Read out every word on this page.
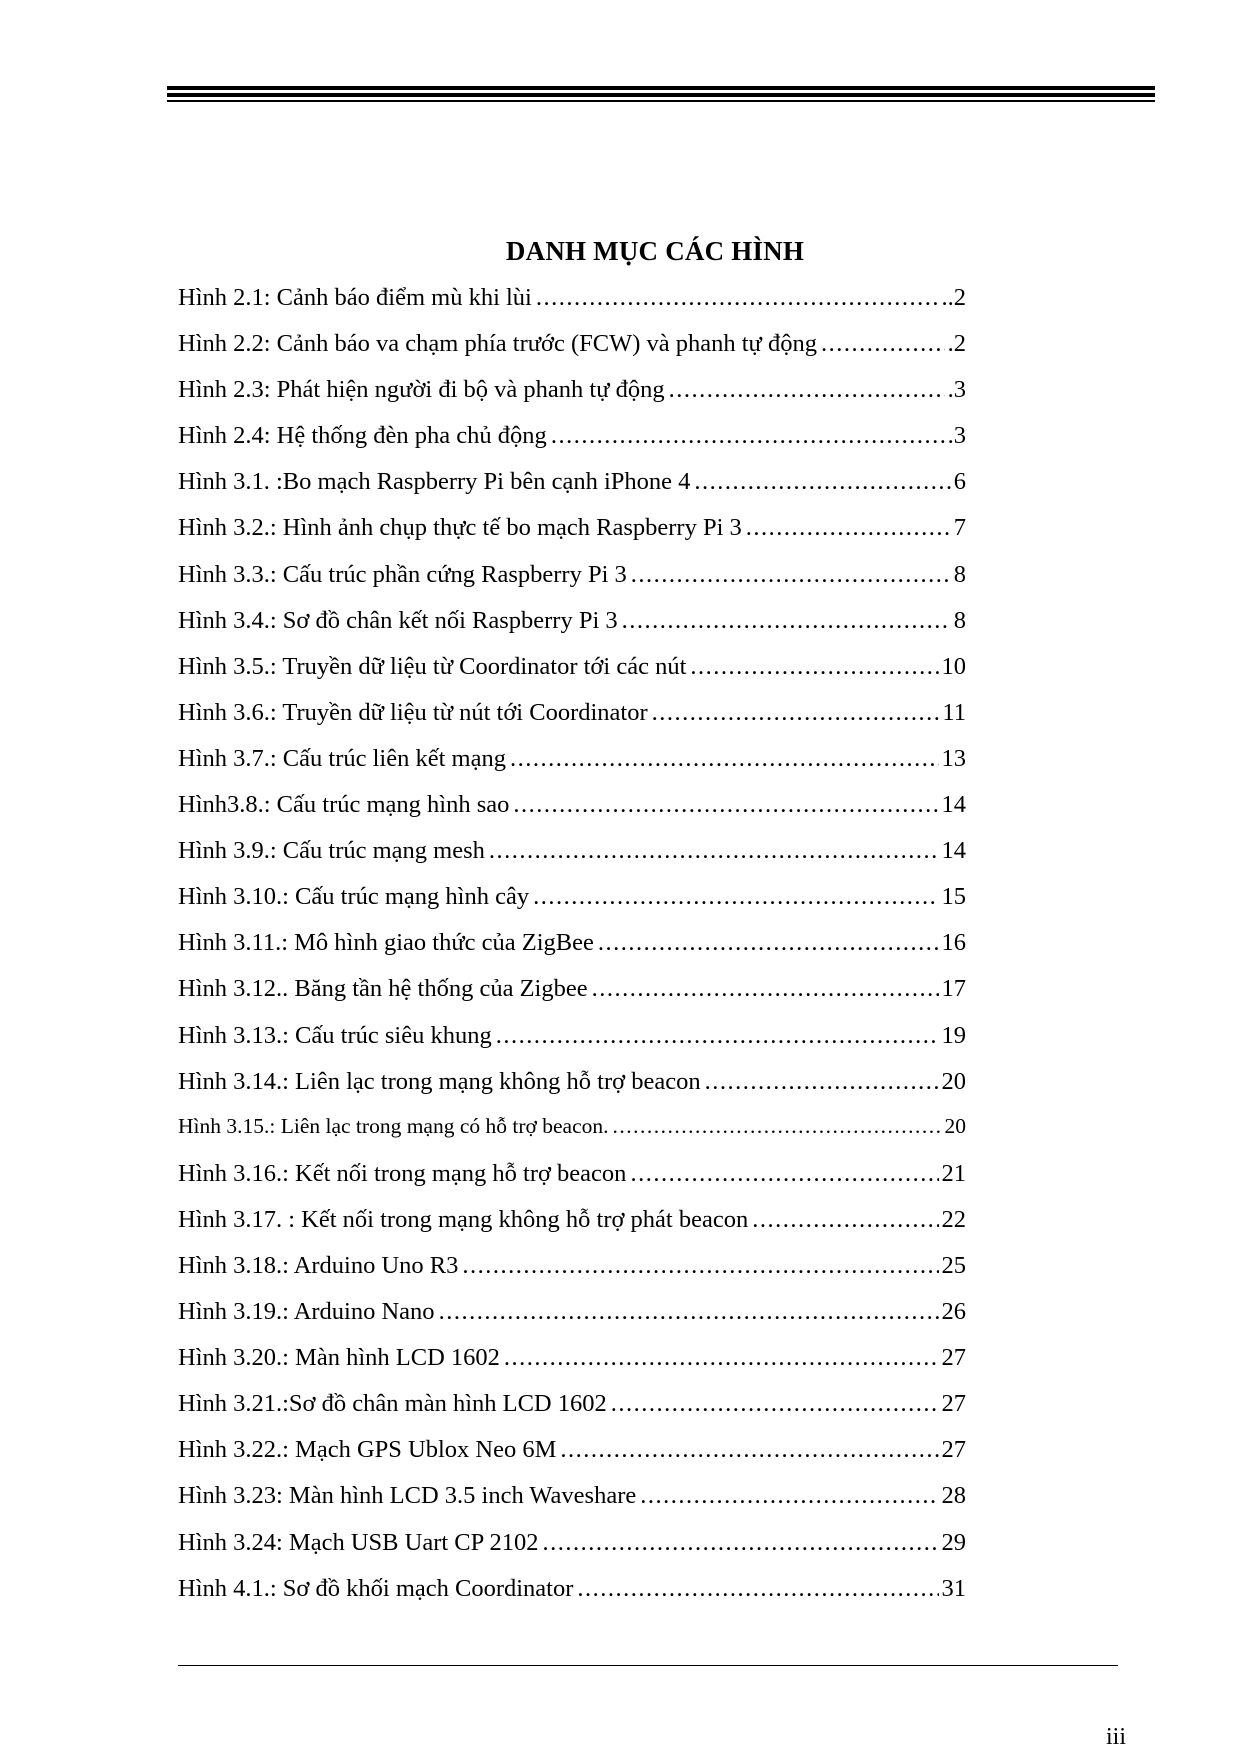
DANH MỤC CÁC HÌNH
Hình 2.1: Cảnh báo điểm mù khi lùi .....	..2
Hình 2.2: Cảnh báo va chạm phía trước (FCW) và phanh tự động .....	.2
Hình 2.3: Phát hiện người đi bộ và phanh tự động .....	.3
Hình 2.4: Hệ thống đèn pha chủ động .....	.3
Hình 3.1. :Bo mạch Raspberry Pi bên cạnh iPhone 4 .....	6
Hình 3.2.: Hình ảnh chụp thực tế bo mạch Raspberry Pi 3 .....	7
Hình 3.3.: Cấu trúc phần cứng Raspberry Pi 3 .....	8
Hình 3.4.: Sơ đồ chân kết nối Raspberry Pi 3 .....	8
Hình 3.5.: Truyền dữ liệu từ Coordinator tới các nút .....	10
Hình 3.6.: Truyền dữ liệu từ nút tới Coordinator .....	11
Hình 3.7.: Cấu trúc liên kết mạng .....	13
Hình3.8.: Cấu trúc mạng hình sao .....	14
Hình 3.9.: Cấu trúc mạng mesh .....	14
Hình 3.10.: Cấu trúc mạng hình cây .....	15
Hình 3.11.: Mô hình giao thức của ZigBee .....	16
Hình 3.12.. Băng tần hệ thống của Zigbee .....	17
Hình 3.13.: Cấu trúc siêu khung .....	19
Hình 3.14.: Liên lạc trong mạng không hỗ trợ beacon .....	20
Hình 3.15.: Liên lạc trong mạng có hỗ trợ beacon. .....	20
Hình 3.16.: Kết nối trong mạng hỗ trợ beacon .....	21
Hình 3.17. : Kết nối trong mạng không hỗ trợ phát beacon .....	22
Hình 3.18.: Arduino Uno R3 .....	25
Hình 3.19.: Arduino Nano .....	26
Hình 3.20.: Màn hình LCD 1602 .....	27
Hình 3.21.:Sơ đồ chân màn hình LCD 1602 .....	27
Hình 3.22.: Mạch GPS Ublox Neo 6M .....	27
Hình 3.23: Màn hình LCD 3.5 inch Waveshare .....	28
Hình 3.24: Mạch USB Uart CP 2102 .....	29
Hình 4.1.: Sơ đồ khối mạch Coordinator .....	31
iii
